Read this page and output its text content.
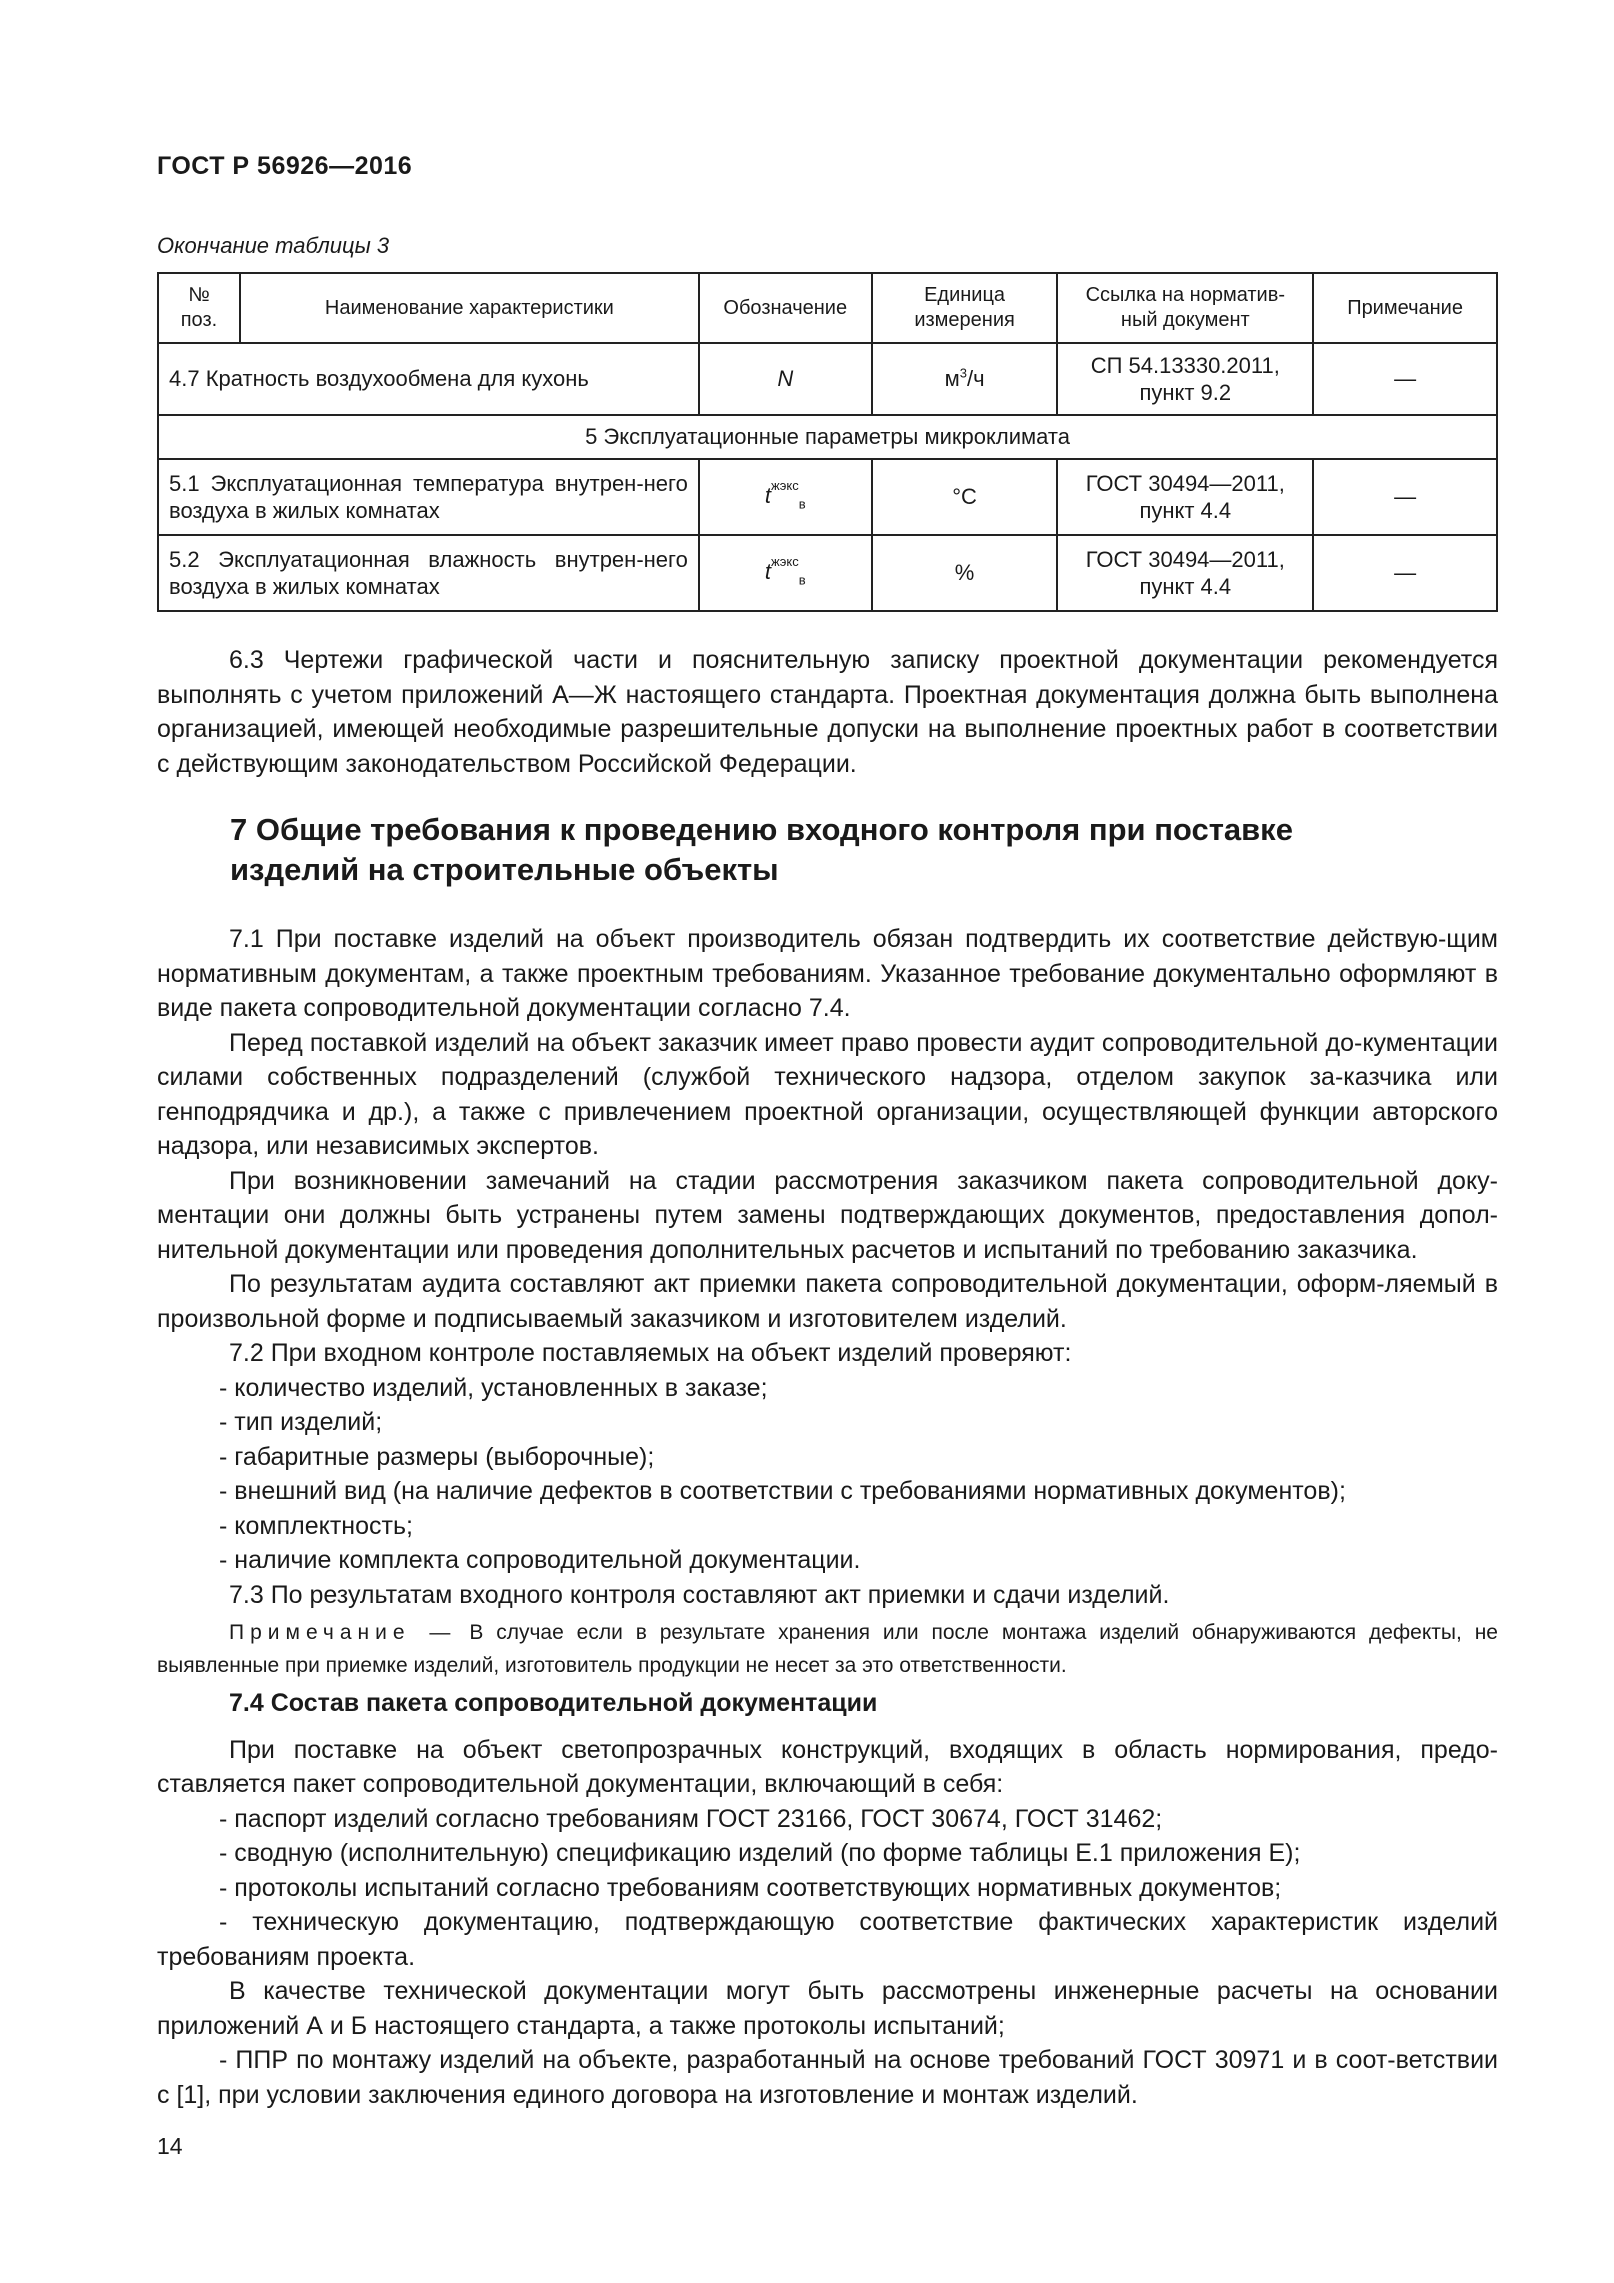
ГОСТ Р 56926—2016
Окончание таблицы 3
№ поз.	Наименование характеристики	Обозначение	Единица измерения	Ссылка на норматив-ный документ	Примечание
4.7 Кратность воздухообмена для кухонь		N	$м^3/ч$	СП 54.13330.2011, пункт 9.2	—
5 Эксплуатационные параметры микроклимата					
5.1 Эксплуатационная температура внутрен-него воздуха в жилых комнатах		$t^{жэкс}_в$	°С	ГОСТ 30494—2011, пункт 4.4	—
5.2 Эксплуатационная влажность внутрен-него воздуха в жилых комнатах		$t^{жэкс}_в$	%	ГОСТ 30494—2011, пункт 4.4	—

6.3 Чертежи графической части и пояснительную записку проектной документации рекомендуется выполнять с учетом приложений А—Ж настоящего стандарта. Проектная документация должна быть выполнена организацией, имеющей необходимые разрешительные допуски на выполнение проектных работ в соответствии с действующим законодательством Российской Федерации.

7 Общие требования к проведению входного контроля при поставке изделий на строительные объекты

7.1 При поставке изделий на объект производитель обязан подтвердить их соответствие действую-щим нормативным документам, а также проектным требованиям. Указанное требование документально оформляют в виде пакета сопроводительной документации согласно 7.4.

Перед поставкой изделий на объект заказчик имеет право провести аудит сопроводительной до-кументации силами собственных подразделений (службой технического надзора, отделом закупок за-казчика или генподрядчика и др.), а также с привлечением проектной организации, осуществляющей функции авторского надзора, или независимых экспертов.

При возникновении замечаний на стадии рассмотрения заказчиком пакета сопроводительной доку-ментации они должны быть устранены путем замены подтверждающих документов, предоставления допол-нительной документации или проведения дополнительных расчетов и испытаний по требованию заказчика.

По результатам аудита составляют акт приемки пакета сопроводительной документации, оформ-ляемый в произвольной форме и подписываемый заказчиком и изготовителем изделий.

7.2 При входном контроле поставляемых на объект изделий проверяют:

- количество изделий, установленных в заказе;

- тип изделий;

- габаритные размеры (выборочные);

- внешний вид (на наличие дефектов в соответствии с требованиями нормативных документов);

- комплектность;

- наличие комплекта сопроводительной документации.

7.3 По результатам входного контроля составляют акт приемки и сдачи изделий.

Примечание — В случае если в результате хранения или после монтажа изделий обнаруживаются дефекты, не выявленные при приемке изделий, изготовитель продукции не несет за это ответственности.

7.4 Состав пакета сопроводительной документации

При поставке на объект светопрозрачных конструкций, входящих в область нормирования, предо-ставляется пакет сопроводительной документации, включающий в себя:

- паспорт изделий согласно требованиям ГОСТ 23166, ГОСТ 30674, ГОСТ 31462;

- сводную (исполнительную) спецификацию изделий (по форме таблицы Е.1 приложения Е);

- протоколы испытаний согласно требованиям соответствующих нормативных документов;

- техническую документацию, подтверждающую соответствие фактических характеристик изделий требованиям проекта.

В качестве технической документации могут быть рассмотрены инженерные расчеты на основании приложений А и Б настоящего стандарта, а также протоколы испытаний;

- ППР по монтажу изделий на объекте, разработанный на основе требований ГОСТ 30971 и в соот-ветствии с [1], при условии заключения единого договора на изготовление и монтаж изделий.

14
